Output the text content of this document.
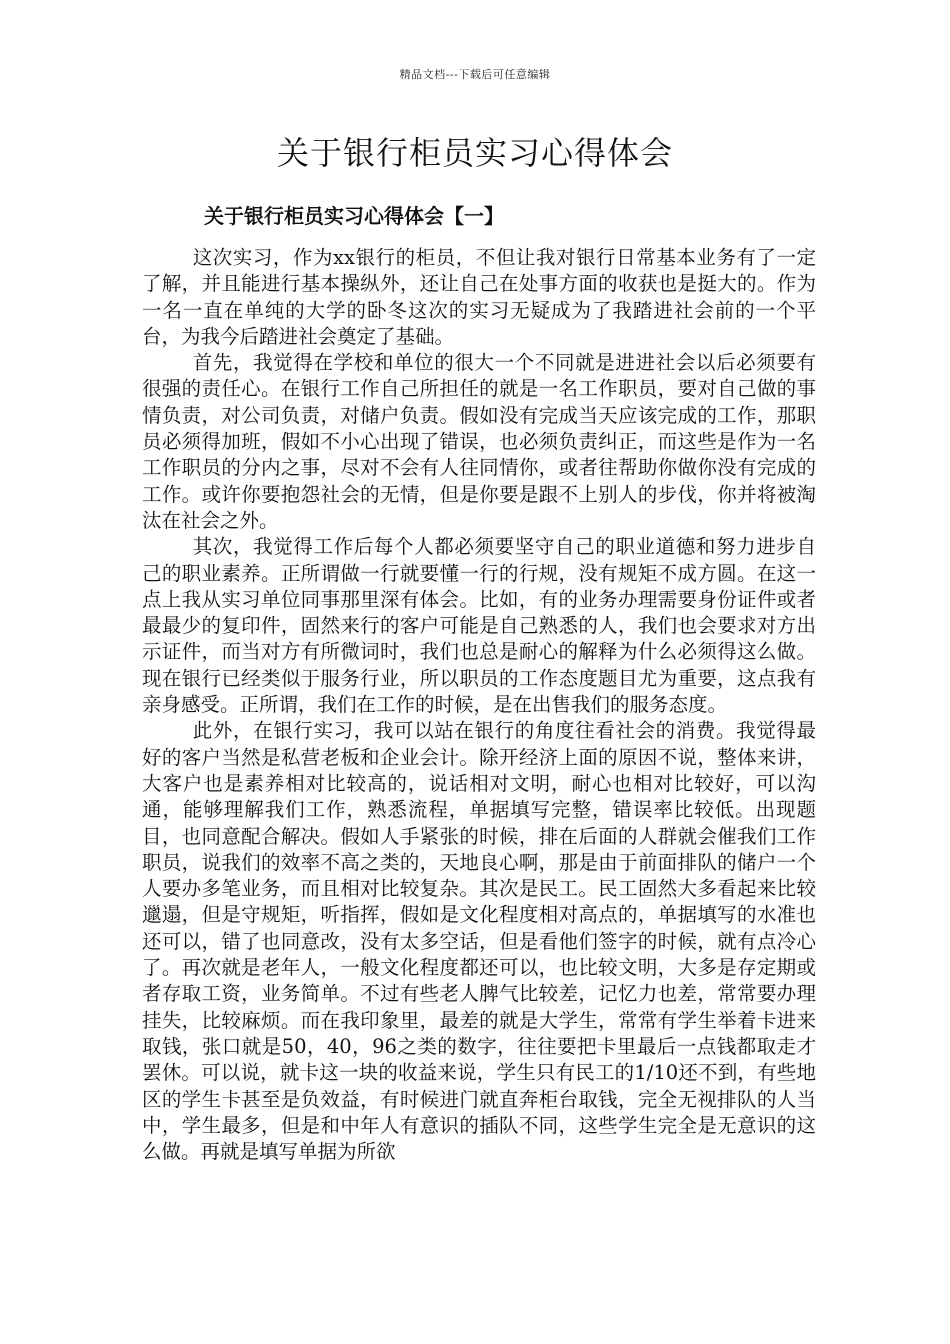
精品文档---下载后可任意编辑
关于银行柜员实习心得体会
关于银行柜员实习心得体会【一】

这次实习，作为xx银行的柜员，不但让我对银行日常基本业务有了一定了解，并且能进行基本操纵外，还让自己在处事方面的收获也是挺大的。作为一名一直在单纯的大学的卧冬这次的实习无疑成为了我踏进社会前的一个平台，为我今后踏进社会奠定了基础。

首先，我觉得在学校和单位的很大一个不同就是进进社会以后必须要有很强的责任心。在银行工作自己所担任的就是一名工作职员，要对自己做的事情负责，对公司负责，对储户负责。假如没有完成当天应该完成的工作，那职员必须得加班，假如不小心出现了错误，也必须负责纠正，而这些是作为一名工作职员的分内之事，尽对不会有人往同情你，或者往帮助你做你没有完成的工作。或许你要抱怨社会的无情，但是你要是跟不上别人的步伐，你并将被淘汰在社会之外。

其次，我觉得工作后每个人都必须要坚守自己的职业道德和努力进步自己的职业素养。正所谓做一行就要懂一行的行规，没有规矩不成方圆。在这一点上我从实习单位同事那里深有体会。比如，有的业务办理需要身份证件或者最最少的复印件，固然来行的客户可能是自己熟悉的人，我们也会要求对方出示证件，而当对方有所微词时，我们也总是耐心的解释为什么必须得这么做。现在银行已经类似于服务行业，所以职员的工作态度题目尤为重要，这点我有亲身感受。正所谓，我们在工作的时候，是在出售我们的服务态度。

此外，在银行实习，我可以站在银行的角度往看社会的消费。我觉得最好的客户当然是私营老板和企业会计。除开经济上面的原因不说，整体来讲，大客户也是素养相对比较高的，说话相对文明，耐心也相对比较好，可以沟通，能够理解我们工作，熟悉流程，单据填写完整，错误率比较低。出现题目，也同意配合解决。假如人手紧张的时候，排在后面的人群就会催我们工作职员，说我们的效率不高之类的，天地良心啊，那是由于前面排队的储户一个人要办多笔业务，而且相对比较复杂。其次是民工。民工固然大多看起来比较邋遢，但是守规矩，听指挥，假如是文化程度相对高点的，单据填写的水准也还可以，错了也同意改，没有太多空话，但是看他们签字的时候，就有点冷心了。再次就是老年人，一般文化程度都还可以，也比较文明，大多是存定期或者存取工资，业务简单。不过有些老人脾气比较差，记忆力也差，常常要办理挂失，比较麻烦。而在我印象里，最差的就是大学生，常常有学生举着卡进来取钱，张口就是50，40，96之类的数字，往往要把卡里最后一点钱都取走才罢休。可以说，就卡这一块的收益来说，学生只有民工的1/10还不到，有些地区的学生卡甚至是负效益，有时候进门就直奔柜台取钱，完全无视排队的人当中，学生最多，但是和中年人有意识的插队不同，这些学生完全是无意识的这么做。再就是填写单据为所欲
